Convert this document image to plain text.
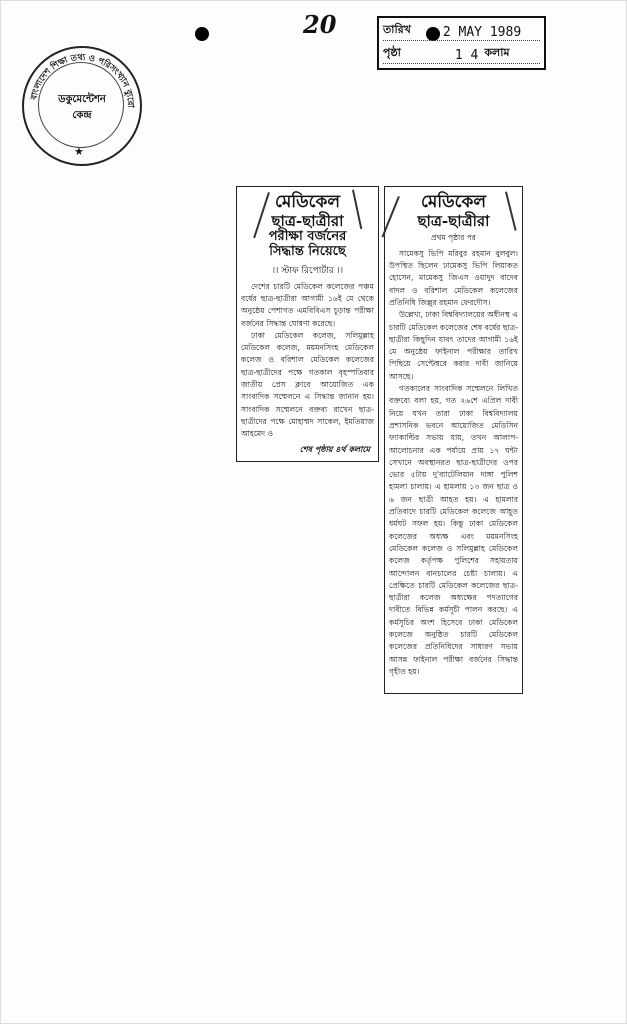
20	তারিখ 2 MAY 1989
পৃষ্ঠা	1 4 কলাম
বাংলাদেশ শিক্ষা তথ্য ও পরিসংখ্যান ব্যুরো
ডকুমেন্টেশন
কেন্দ্র
★
মেডিকেল
ছাত্র-ছাত্রীরা
পরীক্ষা বর্জনের
সিদ্ধান্ত নিয়েছে
।। স্টাফ রিপোর্টার ।।

দেশের চারটি মেডিকেল কলেজের পঞ্চম বর্ষের ছাত্র-ছাত্রীরা আগামী ১৬ই মে থেকে অনুষ্ঠেয় পেশাগত এমবিবিএস চূড়ান্ত পরীক্ষা বর্জনের সিদ্ধান্ত ঘোষণা করেছে।

ঢাকা মেডিকেল কলেজ, সলিমুল্লাহ মেডিকেল কলেজ, ময়মনসিংহ মেডিকেল কলেজ ও বরিশাল মেডিকেল কলেজের ছাত্র-ছাত্রীদের পক্ষে গতকাল বৃহস্পতিবার জাতীয় প্রেস ক্লাবে আয়োজিত এক সাংবাদিক সম্মেলনে এ সিদ্ধান্ত জানান হয়। সাংবাদিক সম্মেলনে বক্তব্য রাখেন ছাত্র-ছাত্রীদের পক্ষে মোহাম্মদ সাকেল, ইমতিয়াজ আহমেদ ও

শেষ পৃষ্ঠায় ৪র্থ কলামে
মেডিকেল
ছাত্র-ছাত্রীরা
প্রথম পৃষ্ঠার পর

সামেকসু ভিপি মরিবুর রহমান বুলবুল। উপস্থিত ছিলেন ঢামেকসু ভিপি লিয়াকত হোসেন, মামেকসু জিএস ওয়াদুদ বাদেব বাদল ও বরিশাল মেডিকেল কলেজের প্রতিনিধি জিল্লুর রহমান ফেরদৌস।

উল্লেখ্য, ঢাকা বিশ্ববিদ্যালয়ের অধীনস্থ এ চারটি মেডিকেল কলেজের শেষ বর্ষের ছাত্র-ছাত্রীরা কিছুদিন যাবৎ তাদের আগামী ১৬ই মে অনুষ্ঠেয় ফাইনাল পরীক্ষার তারিখ পিছিয়ে সেপ্টেম্বরে করার দাবী জানিয়ে আসছে।

গতকালের সাংবাদিক সম্মেলনে লিখিত বক্তব্যে বলা হয়, গত ২৬শে এপ্রিল দাবী নিয়ে যখন তারা ঢাকা বিশ্ববিদ্যালয় প্রশাসনিক ভবনে আয়োজিত মেডিসিন ফ্যাকাল্টির সভায় যায়, তখন আলাপ-আলোচনার এক পর্যায়ে প্রায় ১৭ ঘন্টা সেখানে অবস্থানরত ছাত্র-ছাত্রীদের ওপর ভোর ৫টায় দু'ব্যাটেলিয়ান দাঙ্গা পুলিশ হামলা চালায়। এ হামলায় ১৩ জন ছাত্র ও ৬ জন ছাত্রী আহত হয়। এ হামলার প্রতিবাদে চারটি মেডিকেল কলেজে আহূত ধর্মঘট সফল হয়। কিন্তু ঢাকা মেডিকেল কলেজের অধ্যক্ষ এবং ময়মনসিংহ মেডিকেল কলেজ ও সলিমুল্লাহ মেডিকেল কলেজ কর্তৃপক্ষ পুলিশের সহায়তায় আন্দোলন বানচালের চেষ্টা চালায়। এ প্রেক্ষিতে চারটি মেডিকেল কলেজের ছাত্র-ছাত্রীরা কলেজ অধ্যক্ষের পদত্যাগের দাবীতে বিভিন্ন কর্মসূচী পালন করছে। এ কর্মসূচির অংশ হিসেবে ঢাকা মেডিকেল কলেজে অনুষ্ঠিত চারটি মেডিকেল কলেজের প্রতিনিধিদের সাধারণ সভায় আসন্ন ফাইনাল পরীক্ষা বর্জনের সিদ্ধান্ত গৃহীত হয়।
